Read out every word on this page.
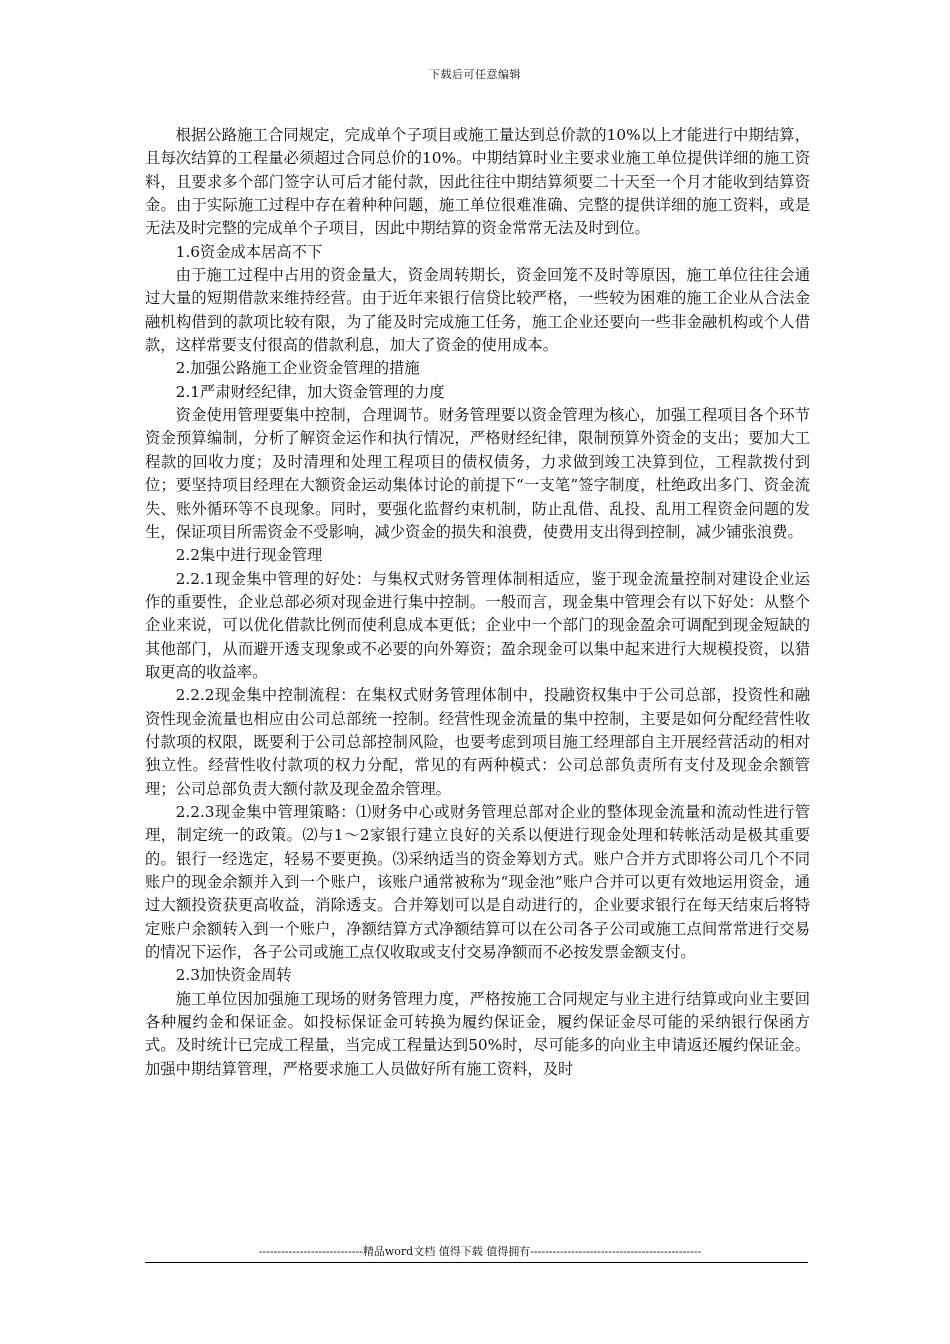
下载后可任意编辑

根据公路施工合同规定，完成单个子项目或施工量达到总价款的10%以上才能进行中期结算，且每次结算的工程量必须超过合同总价的10%。中期结算时业主要求业施工单位提供详细的施工资料，且要求多个部门签字认可后才能付款，因此往往中期结算须要二十天至一个月才能收到结算资金。由于实际施工过程中存在着种种问题，施工单位很难准确、完整的提供详细的施工资料，或是无法及时完整的完成单个子项目，因此中期结算的资金常常无法及时到位。

1.6资金成本居高不下

由于施工过程中占用的资金量大，资金周转期长，资金回笼不及时等原因，施工单位往往会通过大量的短期借款来维持经营。由于近年来银行信贷比较严格，一些较为困难的施工企业从合法金融机构借到的款项比较有限，为了能及时完成施工任务，施工企业还要向一些非金融机构或个人借款，这样常要支付很高的借款利息，加大了资金的使用成本。

2.加强公路施工企业资金管理的措施

2.1严肃财经纪律，加大资金管理的力度

资金使用管理要集中控制，合理调节。财务管理要以资金管理为核心，加强工程项目各个环节资金预算编制，分析了解资金运作和执行情况，严格财经纪律，限制预算外资金的支出；要加大工程款的回收力度；及时清理和处理工程项目的债权债务，力求做到竣工决算到位，工程款拨付到位；要坚持项目经理在大额资金运动集体讨论的前提下“一支笔”签字制度，杜绝政出多门、资金流失、账外循环等不良现象。同时，要强化监督约束机制，防止乱借、乱投、乱用工程资金问题的发生，保证项目所需资金不受影响，减少资金的损失和浪费，使费用支出得到控制，减少铺张浪费。

2.2集中进行现金管理

2.2.1现金集中管理的好处：与集权式财务管理体制相适应，鉴于现金流量控制对建设企业运作的重要性，企业总部必须对现金进行集中控制。一般而言，现金集中管理会有以下好处：从整个企业来说，可以优化借款比例而使利息成本更低；企业中一个部门的现金盈余可调配到现金短缺的其他部门，从而避开透支现象或不必要的向外筹资；盈余现金可以集中起来进行大规模投资，以猎取更高的收益率。

2.2.2现金集中控制流程：在集权式财务管理体制中，投融资权集中于公司总部，投资性和融资性现金流量也相应由公司总部统一控制。经营性现金流量的集中控制，主要是如何分配经营性收付款项的权限，既要利于公司总部控制风险，也要考虑到项目施工经理部自主开展经营活动的相对独立性。经营性收付款项的权力分配，常见的有两种模式：公司总部负责所有支付及现金余额管理；公司总部负责大额付款及现金盈余管理。

2.2.3现金集中管理策略：⑴财务中心或财务管理总部对企业的整体现金流量和流动性进行管理，制定统一的政策。⑵与1～2家银行建立良好的关系以便进行现金处理和转帐活动是极其重要的。银行一经选定，轻易不要更换。⑶采纳适当的资金筹划方式。账户合并方式即将公司几个不同账户的现金余额并入到一个账户，该账户通常被称为“现金池”账户合并可以更有效地运用资金，通过大额投资获更高收益，消除透支。合并筹划可以是自动进行的，企业要求银行在每天结束后将特定账户余额转入到一个账户，净额结算方式净额结算可以在公司各子公司或施工点间常常进行交易的情况下运作，各子公司或施工点仅收取或支付交易净额而不必按发票金额支付。

2.3加快资金周转

施工单位因加强施工现场的财务管理力度，严格按施工合同规定与业主进行结算或向业主要回各种履约金和保证金。如投标保证金可转换为履约保证金，履约保证金尽可能的采纳银行保函方式。及时统计已完成工程量，当完成工程量达到50%时，尽可能多的向业主申请返还履约保证金。加强中期结算管理，严格要求施工人员做好所有施工资料，及时

----------------------------精品word文档 值得下载 值得拥有----------------------------------------------
